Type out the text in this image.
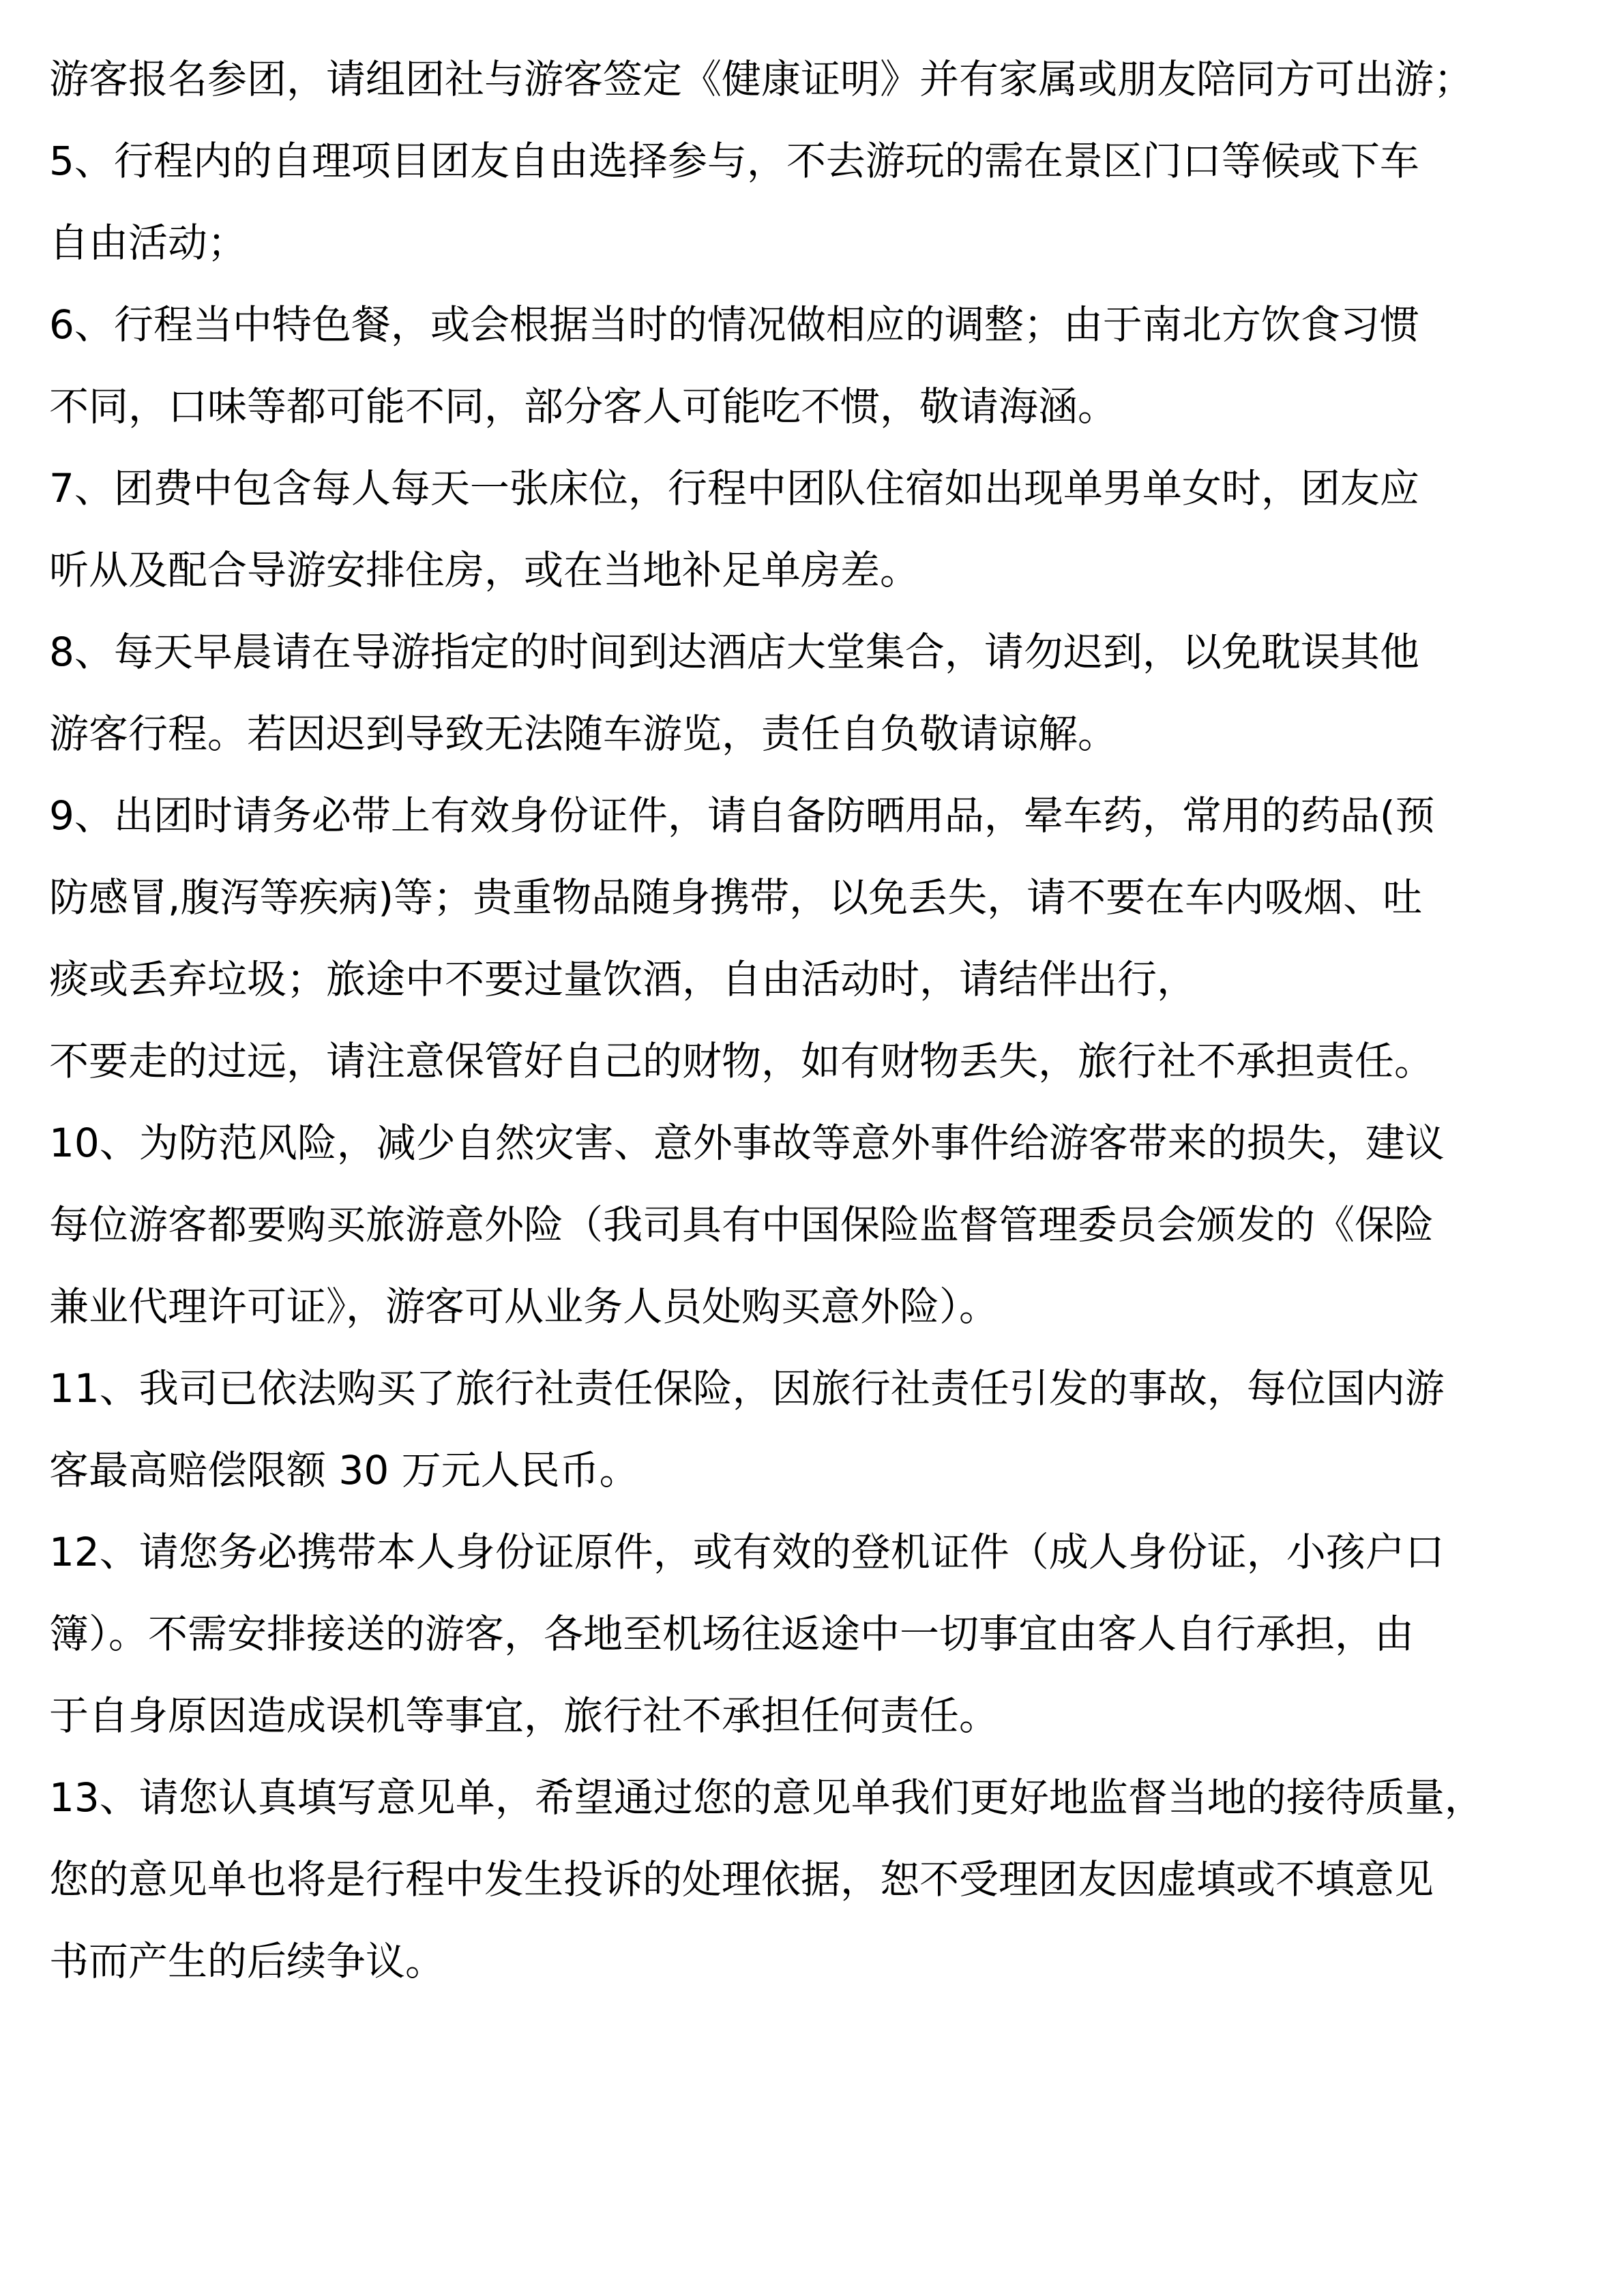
游客报名参团，请组团社与游客签定《健康证明》并有家属或朋友陪同方可出游；
5、行程内的自理项目团友自由选择参与，不去游玩的需在景区门口等候或下车
自由活动；
6、行程当中特色餐，或会根据当时的情况做相应的调整；由于南北方饮食习惯
不同，口味等都可能不同，部分客人可能吃不惯，敬请海涵。
7、团费中包含每人每天一张床位，行程中团队住宿如出现单男单女时，团友应
听从及配合导游安排住房，或在当地补足单房差。
8、每天早晨请在导游指定的时间到达酒店大堂集合，请勿迟到，以免耽误其他
游客行程。若因迟到导致无法随车游览，责任自负敬请谅解。
9、出团时请务必带上有效身份证件，请自备防晒用品，晕车药，常用的药品(预
防感冒,腹泻等疾病)等；贵重物品随身携带，以免丢失，请不要在车内吸烟、吐
痰或丢弃垃圾；旅途中不要过量饮酒，自由活动时，请结伴出行，
不要走的过远，请注意保管好自己的财物，如有财物丢失，旅行社不承担责任。
10、为防范风险，减少自然灾害、意外事故等意外事件给游客带来的损失，建议
每位游客都要购买旅游意外险（我司具有中国保险监督管理委员会颁发的《保险
兼业代理许可证》，游客可从业务人员处购买意外险）。
11、我司已依法购买了旅行社责任保险，因旅行社责任引发的事故，每位国内游
客最高赔偿限额 30 万元人民币。
12、请您务必携带本人身份证原件，或有效的登机证件（成人身份证，小孩户口
簿）。不需安排接送的游客，各地至机场往返途中一切事宜由客人自行承担，由
于自身原因造成误机等事宜，旅行社不承担任何责任。
13、请您认真填写意见单，希望通过您的意见单我们更好地监督当地的接待质量，
您的意见单也将是行程中发生投诉的处理依据，恕不受理团友因虚填或不填意见
书而产生的后续争议。
